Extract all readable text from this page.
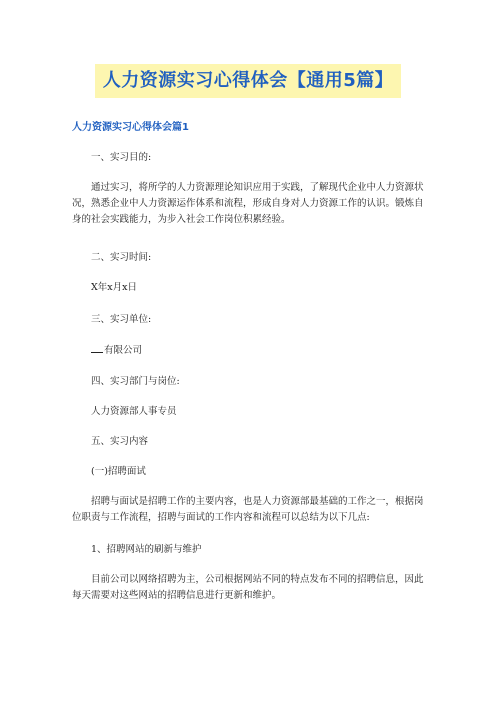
人力资源实习心得体会【通用5篇】
人力资源实习心得体会篇1
一、实习目的:
通过实习，将所学的人力资源理论知识应用于实践，了解现代企业中人力资源状况，熟悉企业中人力资源运作体系和流程，形成自身对人力资源工作的认识。锻炼自身的社会实践能力，为步入社会工作岗位积累经验。
二、实习时间:
X年x月x日
三、实习单位:
有限公司
四、实习部门与岗位:
人力资源部人事专员
五、实习内容
(一)招聘面试
招聘与面试是招聘工作的主要内容，也是人力资源部最基础的工作之一，根据岗位职责与工作流程，招聘与面试的工作内容和流程可以总结为以下几点:
1、招聘网站的刷新与维护
目前公司以网络招聘为主，公司根据网站不同的特点发布不同的招聘信息，因此每天需要对这些网站的招聘信息进行更新和维护。
